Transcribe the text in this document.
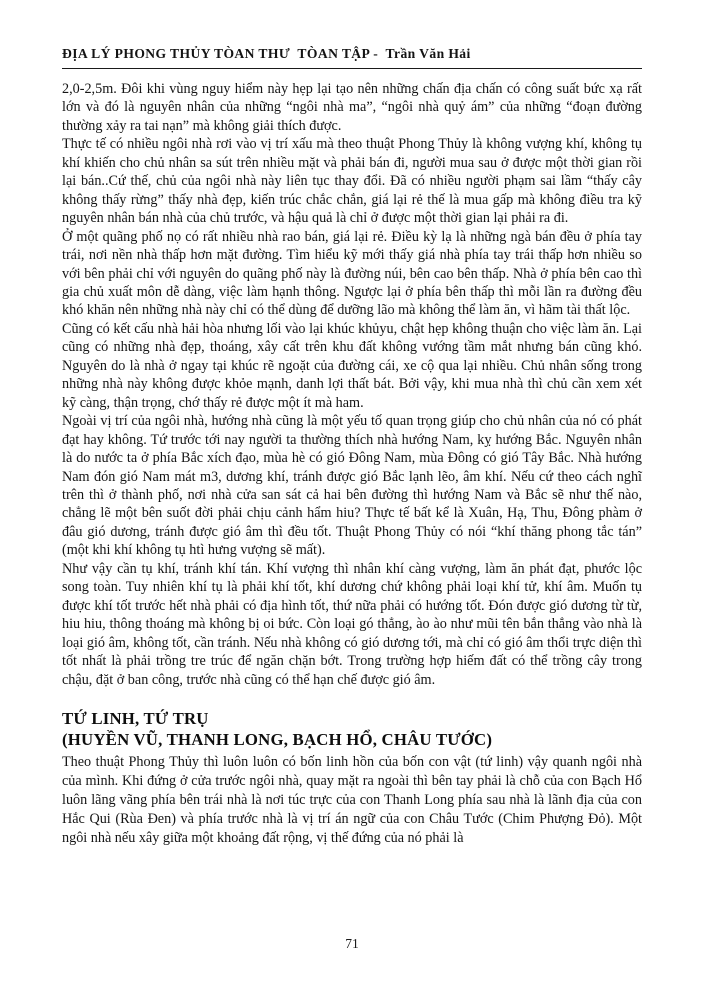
ĐỊA LÝ PHONG THỦY TÒAN THƯ  TÒAN TẬP -  Trần Văn Hải

2,0-2,5m. Đôi khi vùng nguy hiểm này hẹp lại tạo nên những chấn địa chấn có công suất bức xạ rất lớn và đó là nguyên nhân của những “ngôi nhà ma”, “ngôi nhà quỷ ám” của những “đoạn đường thường xảy ra tai nạn” mà không giải thích được.

Thực tế có nhiều ngôi nhà rơi vào vị trí xấu mà theo thuật Phong Thủy là không vượng khí, không tụ khí khiến cho chủ nhân sa sút trên nhiều mặt và phải bán đi, người mua sau ở được một thời gian rồi lại bán..Cứ thế, chủ của ngôi nhà này liên tục thay đổi. Đã có nhiều người phạm sai lầm “thấy cây không thấy rừng” thấy nhà đẹp, kiến trúc chắc chắn, giá lại rẻ thế là mua gấp mà không điều tra kỹ nguyên nhân bán nhà của chủ trước, và hậu quả là chỉ ở được một thời gian lại phải ra đi.

Ở một quãng phố nọ có rất nhiều nhà rao bán, giá lại rẻ. Điều kỳ lạ là những ngà bán đều ở phía tay trái, nơi nền nhà thấp hơn mặt đường. Tìm hiểu kỹ mới thấy giá nhà phía tay trái thấp hơn nhiều so với bên phải chỉ với nguyên do quãng phố này là đường núi, bên cao bên thấp. Nhà ở phía bên cao thì gia chủ xuất môn dễ dàng, việc làm hạnh thông. Ngược lại ở phía bên thấp thì mỗi lần ra đường đều khó khăn nên những nhà này chỉ có thể dùng để dưỡng lão mà không thể làm ăn, vì hãm tài thất lộc.

Cũng có kết cấu nhà hải hòa nhưng lối vào lại khúc khủyu, chật hẹp không thuận cho việc làm ăn. Lại cũng có những nhà đẹp, thoáng, xây cất trên khu đất không vướng tầm mắt nhưng bán cũng khó. Nguyên do là nhà ở ngay tại khúc rẽ ngoặt của đường cái, xe cộ qua lại nhiều. Chủ nhân sống trong những nhà này không được khỏe mạnh, danh lợi thất bát. Bởi vậy, khi mua nhà thì chủ cần xem xét kỹ càng, thận trọng, chớ thấy rẻ được một ít mà ham.

Ngoài vị trí của ngôi nhà, hướng nhà cũng là một yếu tố quan trọng giúp cho chủ nhân của nó có phát đạt hay không. Tứ trước tới nay người ta thường thích nhà hướng Nam, kỵ hướng Bắc. Nguyên nhân là do nước ta ở phía Bắc xích đạo, mùa hè có gió Đông Nam, mùa Đông có gió Tây Bắc. Nhà hướng Nam đón gió Nam mát m3, dương khí, tránh được gió Bắc lạnh lẽo, âm khí. Nếu cứ theo cách nghĩ trên thì ở thành phố, nơi nhà cửa san sát cả hai bên đường thì hướng Nam và Bắc sẽ như thế nào, chẳng lẽ một bên suốt đời phải chịu cảnh hẩm hiu? Thực tế bất kể là Xuân, Hạ, Thu, Đông phàm ở đâu gió dương, tránh được gió âm thì đều tốt. Thuật Phong Thủy có nói “khí thăng phong tắc tán” (một khi khí không tụ htì hưng vượng sẽ mất).

Như vậy cần tụ khí, tránh khí tán. Khí vượng thì nhân khí càng vượng, làm ăn phát đạt, phước lộc song toàn. Tuy nhiên khí tụ là phải khí tốt, khí dương chứ không phải loại khí tử, khí âm. Muốn tụ được khí tốt trước hết nhà phải có địa hình tốt, thứ nữa phải có hướng tốt. Đón được gió dương từ từ, hiu hiu, thông thoáng mà không bị oi bức. Còn loại gó thẳng, ào ào như mũi tên bắn thẳng vào nhà là loại gió âm, không tốt, cần tránh. Nếu nhà không có gió dương tới, mà chỉ có gió âm thổi trực diện thì tốt nhất là phải trồng tre trúc để ngăn chặn bớt. Trong trường hợp hiếm đất có thể trồng cây trong chậu, đặt ở ban công, trước nhà cũng có thể hạn chế được gió âm.

TỨ LINH, TỨ TRỤ
(HUYỀN VŨ, THANH LONG, BẠCH HỔ, CHÂU TƯỚC)

Theo thuật Phong Thủy thì luôn luôn có bốn linh hồn của bốn con vật (tứ linh) vậy quanh ngôi nhà của mình. Khi đứng ở cửa trước ngôi nhà, quay mặt ra ngoài thì bên tay phải là chỗ của con Bạch Hổ luôn lãng vãng phía bên trái nhà là nơi túc trực của con Thanh Long phía sau nhà là lãnh địa của con Hắc Qui (Rùa Đen) và phía trước nhà là vị trí án ngữ của con Châu Tước (Chim Phượng Đỏ). Một ngôi nhà nếu xây giữa một khoảng đất rộng, vị thế đứng của nó phải là

71
